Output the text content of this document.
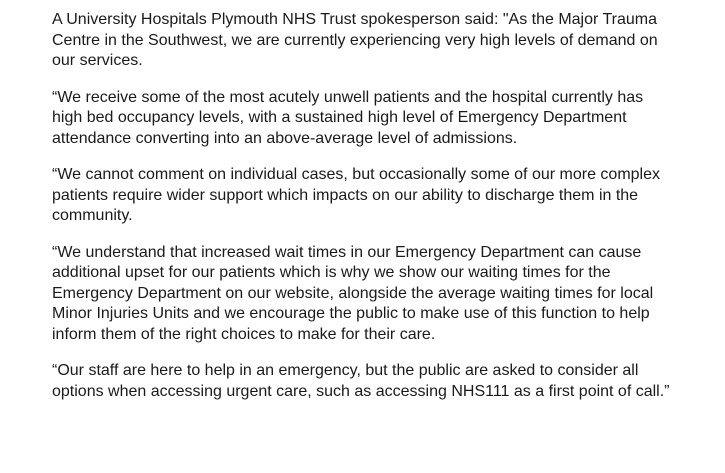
A University Hospitals Plymouth NHS Trust spokesperson said: "As the Major Trauma Centre in the Southwest, we are currently experiencing very high levels of demand on our services.

“We receive some of the most acutely unwell patients and the hospital currently has high bed occupancy levels, with a sustained high level of Emergency Department attendance converting into an above-average level of admissions.

“We cannot comment on individual cases, but occasionally some of our more complex patients require wider support which impacts on our ability to discharge them in the community.

“We understand that increased wait times in our Emergency Department can cause additional upset for our patients which is why we show our waiting times for the Emergency Department on our website, alongside the average waiting times for local Minor Injuries Units and we encourage the public to make use of this function to help inform them of the right choices to make for their care.

“Our staff are here to help in an emergency, but the public are asked to consider all options when accessing urgent care, such as accessing NHS111 as a first point of call.”
